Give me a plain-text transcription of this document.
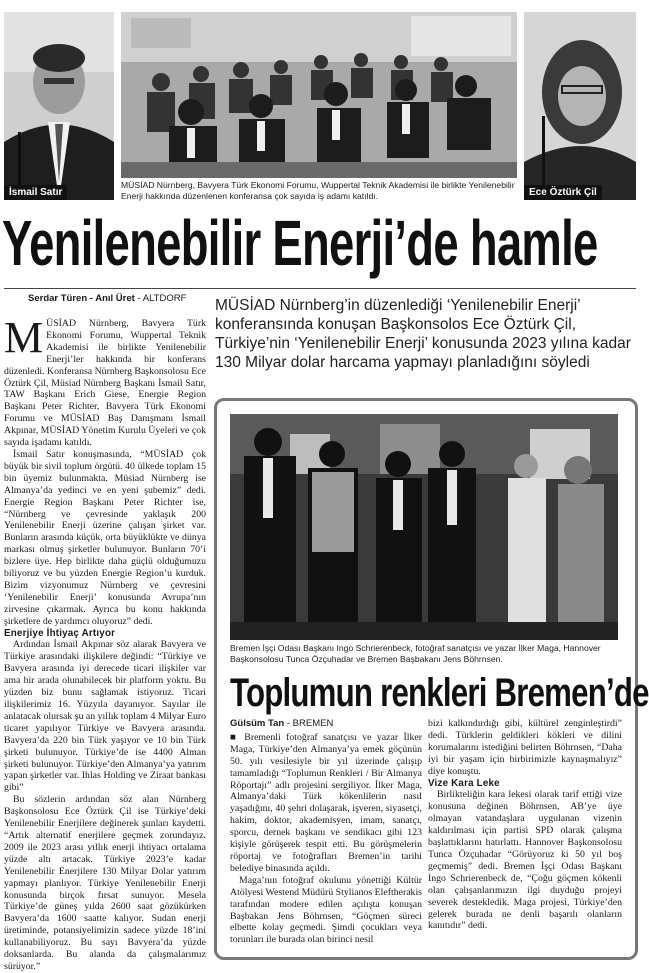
İsmail Satır	Ece Öztürk Çil
MÜSİAD Nürnberg, Bavyera Türk Ekonomi Forumu, Wuppertal Teknik Akademisi ile birlikte Yenilenebilir Enerji hakkında düzenlenen konferansa çok sayıda iş adamı katıldı.
Yenilenebilir Enerji’de hamle
Serdar Türen - Anıl Üret - ALTDORF	MÜSİAD Nürnberg’in düzenlediği ‘Yenilenebilir Enerji’ konferansında konuşan Başkonsolos Ece Öztürk Çil, Türkiye’nin ‘Yenilenebilir Enerji’ konusunda 2023 yılına kadar 130 Milyar dolar harcama yapmayı planladığını söyledi

MÜSİAD Nürnberg, Bavyera Türk Ekonomi Forumu, Wuppertal Teknik Akademisi ile birlikte Yenilenebilir Enerji’ler hakkında bir konferans düzenledi. Konferansa Nürnberg Başkonsolosu Ece Öztürk Çil, Müsiad Nürnberg Başkanı İsmail Satır, TAW Başkanı Erich Giese, Energie Region Başkanı Peter Richter, Bavyera Türk Ekonomi Forumu ve MÜSİAD Baş Danışmanı İsmail Akpınar, MÜSİAD Yönetim Kurulu Üyeleri ve çok sayıda işadamı katıldı.

İsmail Satır konuşmasında, “MÜSİAD çok büyük bir sivil toplum örgütü. 40 ülkede toplam 15 bin üyemiz bulunmakta. Müsiad Nürnberg ise Almanya’da yedinci ve en yeni şubemiz” dedi. Energie Region Başkanı Peter Richter ise, “Nürnberg ve çevresinde yaklaşık 200 Yenilenebilir Enerji üzerine çalışan şirket var. Bunların arasında küçük, orta büyüklükte ve dünya markası olmuş şirketler bulunuyor. Bunların 70’i bizlere üye. Hep birlikte daha güçlü olduğumuzu biliyoruz ve bu yüzden Energie Region’u kurduk. Bizim vizyonumuz Nürnberg ve çevresini ‘Yenilenebilir Enerji’ konusunda Avrupa’nın zirvesine çıkarmak. Ayrıca bu konu hakkında şirketlere de yardımcı oluyoruz” dedi.

Enerjiye İhtiyaç Artıyor

Ardından İsmail Akpınar söz alarak Bavyera ve Türkiye arasındaki ilişkilere değindi: “Türkiye ve Bavyera arasında iyi derecede ticari ilişkiler var ama bir arada olunabilecek bir platform yoktu. Bu yüzden biz bunu sağlamak istiyoruz. Ticari ilişkilerimiz 16. Yüzyıla dayanıyor. Sayılar ile anlatacak olursak şu an yıllık toplam 4 Milyar Euro ticaret yapılıyor Türkiye ve Bavyera arasında. Bavyera’da 220 bin Türk yaşıyor ve 10 bin Türk şirketi bulunuyor. Türkiye’de ise 4400 Alman şirketi bulunuyor. Türkiye’den Almanya’ya yatırım yapan şirketler var. Ihlas Holding ve Ziraat bankası gibi”

Bu sözlerin ardından söz alan Nürnberg Başkonsolosu Ece Öztürk Çil ise Türkiye’deki Yenilenebilir Enerjilere değinerek şunları kaydetti. “Artık alternatif enerjilere geçmek zorundayız. 2009 ile 2023 arası yıllık enerji ihtiyacı ortalama yüzde altı artacak. Türkiye 2023’e kadar Yenilenebilir Enerjilere 130 Milyar Dolar yatırım yapmayı planlıyor. Türkiye Yenilenebilir Enerji konusunda birçok fırsat sunuyor. Mesela Türkiye’de güneş yılda 2600 saat gözükürken Bavyera’da 1600 saatte kalıyor. Sudan enerji üretiminde, potansiyelimizin sadece yüzde 18’ini kullanabiliyoruz. Bu sayı Bavyera’da yüzde doksanlarda. Bu alanda da çalışmalarımız sürüyor.”

Bremen İşçi Odası Başkanı Ingo Schrierenbeck, fotoğraf sanatçısı ve yazar İlker Maga, Hannover Başkonsolosu Tunca Özçuhadar ve Bremen Başbakanı Jens Böhrnsen.
Toplumun renkleri Bremen’de

Gülsüm Tan - BREMEN

■ Bremenli fotoğraf sanatçısı ve yazar İlker Maga, Türkiye’den Almanya’ya emek göçünün 50. yılı vesilesiyle bir yıl üzerinde çalışıp tamamladığı “Toplumun Renkleri / Bir Almanya Röportajı” adlı projesini sergiliyor. İlker Maga, Almanya’daki Türk kökenlilerin nasıl yaşadığını, 40 şehri dolaşarak, işveren, siyasetçi, hakim, doktor, akademisyen, imam, sanatçı, sporcu, dernek başkanı ve sendikacı gibi 123 kişiyle görüşerek tespit etti. Bu görüşmelerin röportaj ve fotoğrafları Bremen’in tarihi belediye binasında açıldı.

Maga’nın fotoğraf okulunu yönettiği Kültür Atölyesi Westend Müdürü Stylianos Eleftherakis tarafından modere edilen açılışta konuşan Başbakan Jens Böhrnsen, “Göçmen süreci elbette kolay geçmedi. Şimdi çocukları veya torunları ile burada olan birinci nesil

bizi kalkındırdığı gibi, kültürel zenginleştirdi” dedi. Türklerin geldikleri kökleri ve dilini korumalarını istediğini belirten Böhrnsen, “Daha iyi bir yaşam için birbirimizle kaynaşmalıyız” diye konuştu.

Vize Kara Leke

Birlikteliğin kara lekesi olarak tarif ettiği vize konusuna değinen Böhrnsen, AB’ye üye olmayan vatandaşlara uygulanan vizenin kaldırılması için partisi SPD olarak çalışma başlattıklarını hatırlattı. Hannover Başkonsolosu Tunca Özçuhadar “Görüyoruz ki 50 yıl boş geçmemiş” dedi. Bremen İşçi Odası Başkanı Ingo Schrierenbeck de, “Çoğu göçmen kökenli olan çalışanlarımızın ilgi duyduğu projeyi severek destekledik. Maga projesi, Türkiye’den gelerek burada ne denli başarılı olanların kanıtıdır” dedi.
